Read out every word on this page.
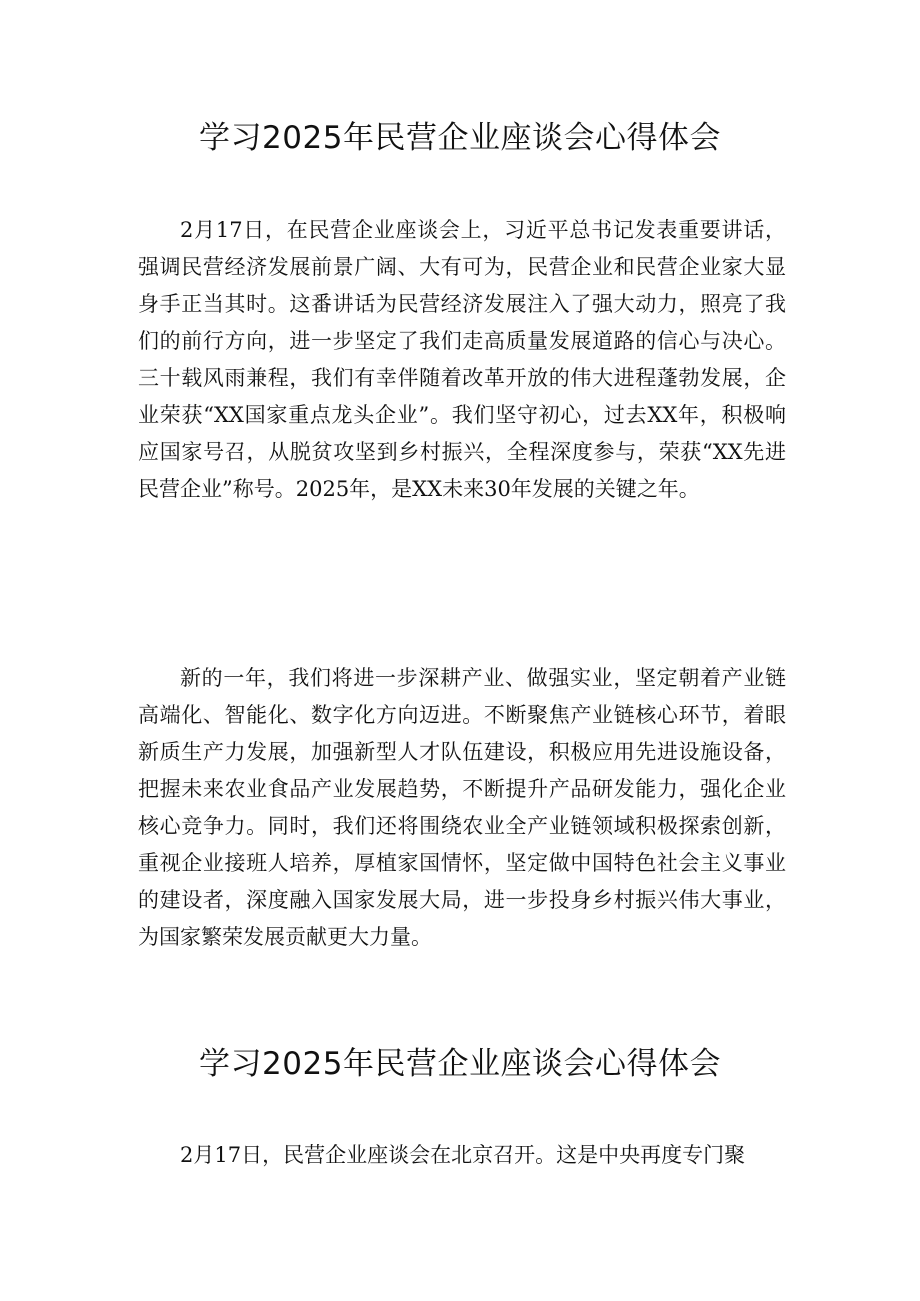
学习2025年民营企业座谈会心得体会

2月17日，在民营企业座谈会上，习近平总书记发表重要讲话，强调民营经济发展前景广阔、大有可为，民营企业和民营企业家大显身手正当其时。这番讲话为民营经济发展注入了强大动力，照亮了我们的前行方向，进一步坚定了我们走高质量发展道路的信心与决心。三十载风雨兼程，我们有幸伴随着改革开放的伟大进程蓬勃发展，企业荣获“XX国家重点龙头企业”。我们坚守初心，过去XX年，积极响应国家号召，从脱贫攻坚到乡村振兴，全程深度参与，荣获“XX先进民营企业”称号。2025年，是XX未来30年发展的关键之年。

新的一年，我们将进一步深耕产业、做强实业，坚定朝着产业链高端化、智能化、数字化方向迈进。不断聚焦产业链核心环节，着眼新质生产力发展，加强新型人才队伍建设，积极应用先进设施设备，把握未来农业食品产业发展趋势，不断提升产品研发能力，强化企业核心竞争力。同时，我们还将围绕农业全产业链领域积极探索创新，重视企业接班人培养，厚植家国情怀，坚定做中国特色社会主义事业的建设者，深度融入国家发展大局，进一步投身乡村振兴伟大事业，为国家繁荣发展贡献更大力量。

学习2025年民营企业座谈会心得体会

2月17日，民营企业座谈会在北京召开。这是中央再度专门聚
